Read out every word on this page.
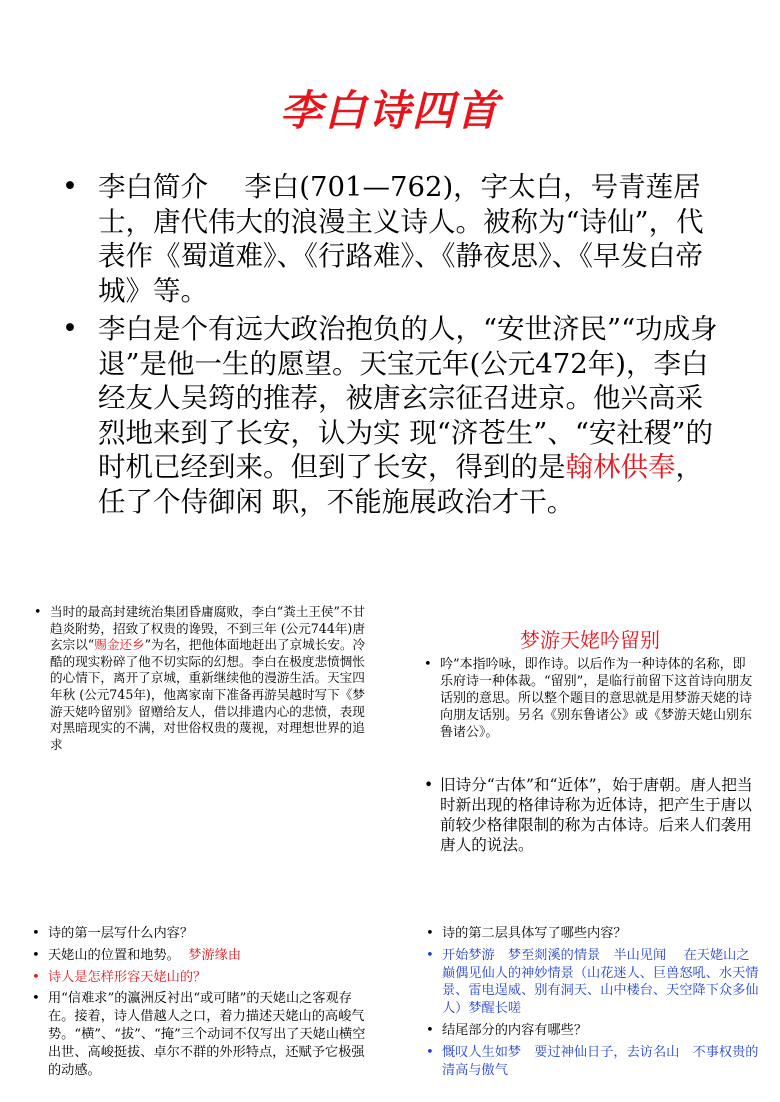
李白诗四首
• 李白简介　 李白(701—762)，字太白，号青莲居士，唐代伟大的浪漫主义诗人。被称为“诗仙”，代表作《蜀道难》、《行路难》、《静夜思》、《早发白帝城》等。
• 李白是个有远大政治抱负的人，“安世济民”“功成身退”是他一生的愿望。天宝元年(公元472年)，李白经友人吴筠的推荐，被唐玄宗征召进京。他兴高采烈地来到了长安，认为实 现“济苍生”、“安社稷”的时机已经到来。但到了长安，得到的是翰林供奉，任了个侍御闲 职，不能施展政治才干。
• 当时的最高封建统治集团昏庸腐败，李白“粪土王侯”不甘趋炎附势，招致了权贵的谗毁，不到三年 (公元744年)唐玄宗以“赐金还乡”为名，把他体面地赶出了京城长安。冷酷的现实粉碎了他不切实际的幻想。李白在极度悲愤惆怅的心情下，离开了京城，重新继续他的漫游生活。天宝四年秋 (公元745年)，他离家南下准备再游吴越时写下《梦游天姥吟留别》留赠给友人，借以排遣内心的悲愤，表现对黑暗现实的不满，对世俗权贵的蔑视，对理想世界的追求
梦游天姥吟留别
• 吟”本指吟咏，即作诗。以后作为一种诗体的名称，即乐府诗一种体裁。“留别”，是临行前留下这首诗向朋友话别的意思。所以整个题目的意思就是用梦游天姥的诗向朋友话别。另名《别东鲁诸公》或《梦游天姥山别东鲁诸公》。
• 旧诗分“古体”和“近体”，始于唐朝。唐人把当时新出现的格律诗称为近体诗，把产生于唐以前较少格律限制的称为古体诗。后来人们袭用唐人的说法。
• 诗的第一层写什么内容？
• 天姥山的位置和地势。 梦游缘由
• 诗人是怎样形容天姥山的？
• 用“信难求”的瀛洲反衬出“或可睹”的天姥山之客观存在。接着，诗人借越人之口，着力描述天姥山的高峻气势。“横”、“拔”、“掩”三个动词不仅写出了天姥山横空出世、高峻挺拔、卓尔不群的外形特点，还赋予它极强的动感。
• 诗的第二层具体写了哪些内容？
• 开始梦游　梦至剡溪的情景　半山见闻　 在天姥山之巅偶见仙人的神妙情景（山花迷人、巨兽怒吼、水天情景、雷电逞威、别有洞天、山中楼台、天空降下众多仙人）梦醒长嗟
• 结尾部分的内容有哪些？
• 慨叹人生如梦　要过神仙日子，去访名山　不事权贵的清高与傲气
